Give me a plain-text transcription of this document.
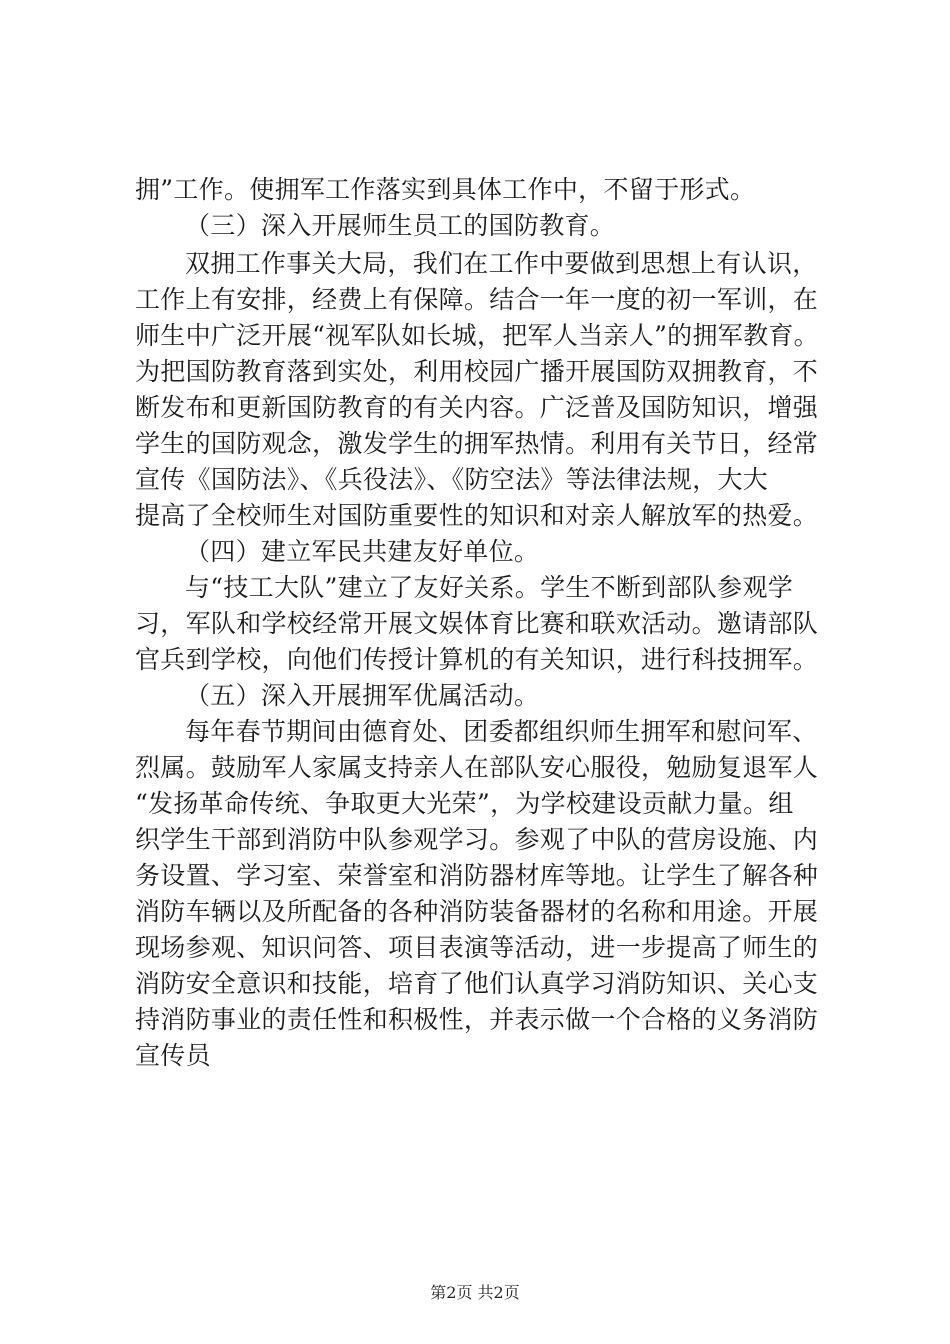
拥”工作。使拥军工作落实到具体工作中，不留于形式。
（三）深入开展师生员工的国防教育。
双拥工作事关大局，我们在工作中要做到思想上有认识，
工作上有安排，经费上有保障。结合一年一度的初一军训，在
师生中广泛开展“视军队如长城，把军人当亲人”的拥军教育。
为把国防教育落到实处，利用校园广播开展国防双拥教育，不
断发布和更新国防教育的有关内容。广泛普及国防知识，增强
学生的国防观念，激发学生的拥军热情。利用有关节日，经常
宣传《国防法》、《兵役法》、《防空法》等法律法规，大大
提高了全校师生对国防重要性的知识和对亲人解放军的热爱。
（四）建立军民共建友好单位。
与“技工大队”建立了友好关系。学生不断到部队参观学
习，军队和学校经常开展文娱体育比赛和联欢活动。邀请部队
官兵到学校，向他们传授计算机的有关知识，进行科技拥军。
（五）深入开展拥军优属活动。
每年春节期间由德育处、团委都组织师生拥军和慰问军、
烈属。鼓励军人家属支持亲人在部队安心服役，勉励复退军人
“发扬革命传统、争取更大光荣”，为学校建设贡献力量。组
织学生干部到消防中队参观学习。参观了中队的营房设施、内
务设置、学习室、荣誉室和消防器材库等地。让学生了解各种
消防车辆以及所配备的各种消防装备器材的名称和用途。开展
现场参观、知识问答、项目表演等活动，进一步提高了师生的
消防安全意识和技能，培育了他们认真学习消防知识、关心支
持消防事业的责任性和积极性，并表示做一个合格的义务消防
宣传员
第2页 共2页
